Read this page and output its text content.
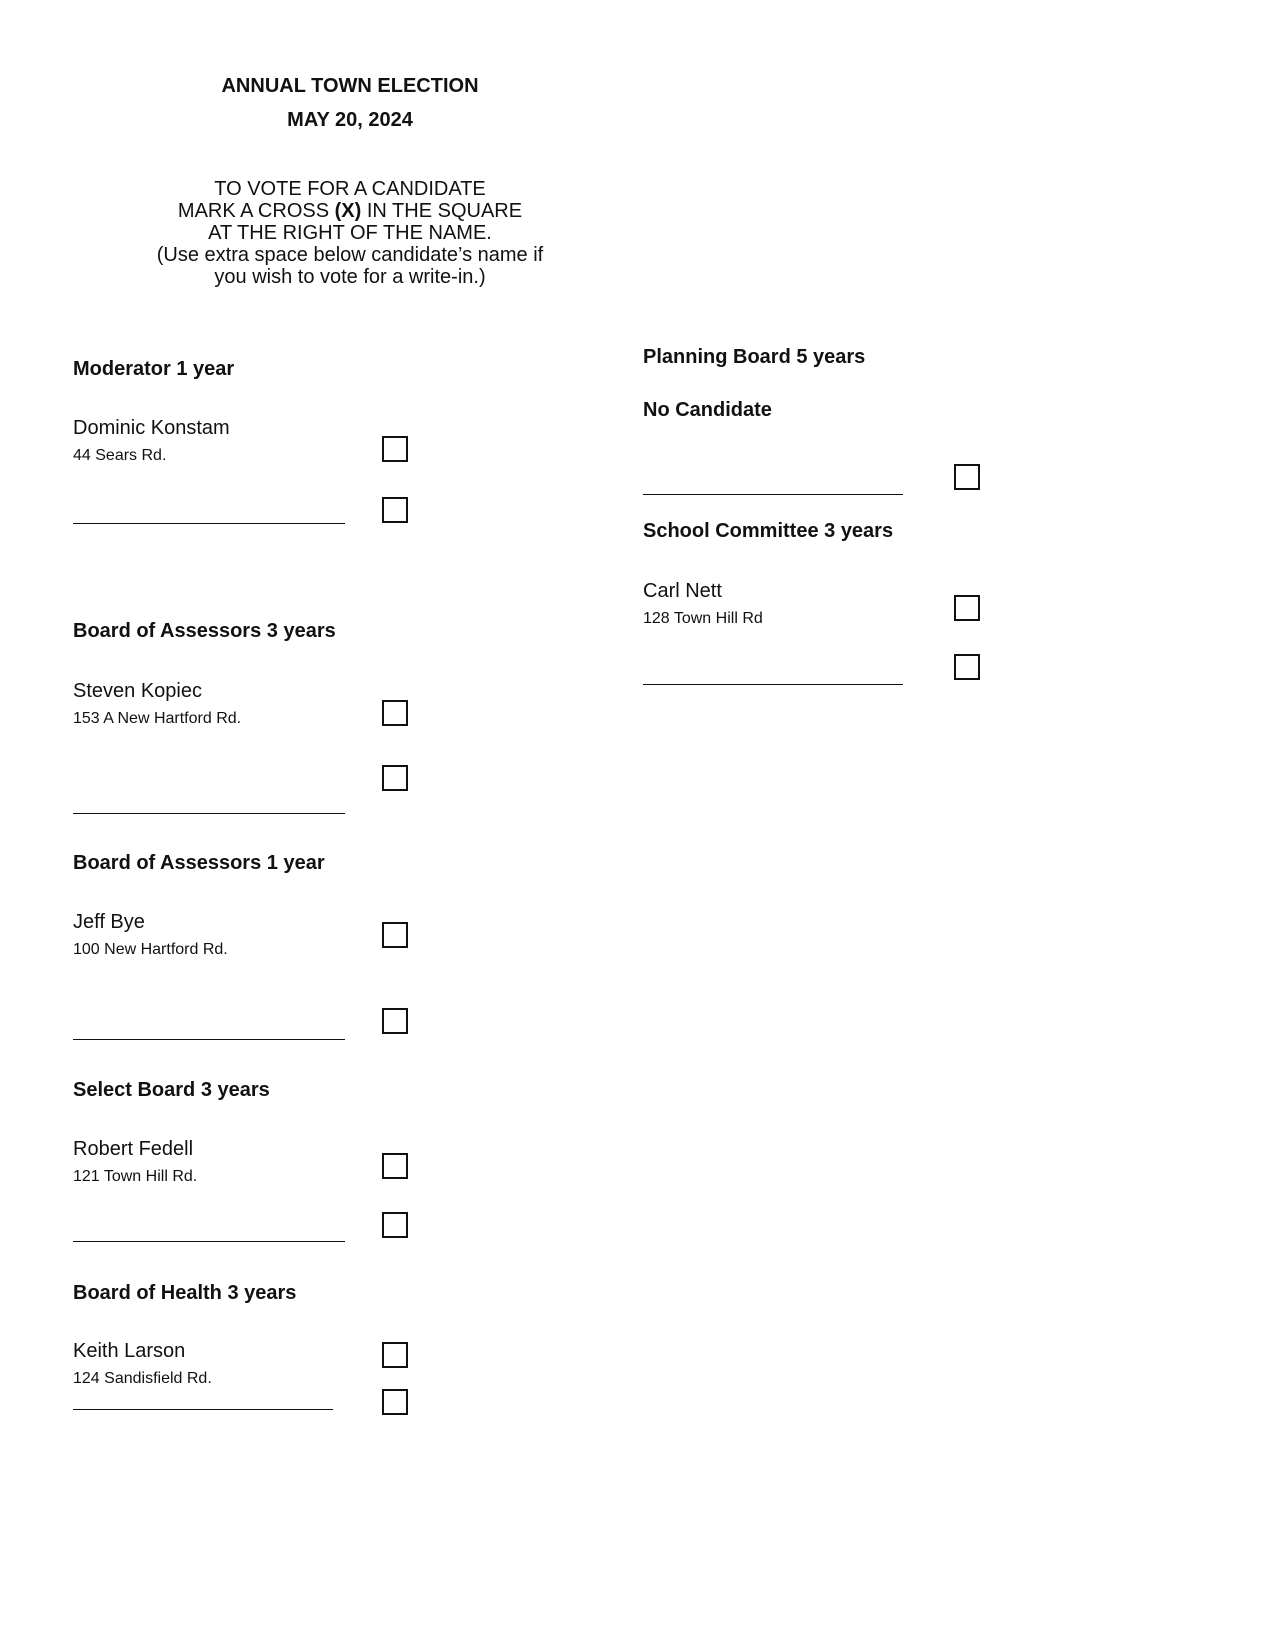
ANNUAL TOWN ELECTION
MAY 20, 2024
TO VOTE FOR A CANDIDATE
MARK A CROSS (X) IN THE SQUARE
AT THE RIGHT OF THE NAME.
(Use extra space below candidate’s name if
you wish to vote for a write-in.)
Moderator 1 year
Dominic Konstam
44 Sears Rd.
Board of Assessors 3 years
Steven Kopiec
153 A New Hartford Rd.
Board of Assessors 1 year
Jeff Bye
100 New Hartford Rd.
Select Board 3 years
Robert Fedell
121 Town Hill Rd.
Board of Health 3 years
Keith Larson
124 Sandisfield Rd.
Planning Board 5 years
No Candidate
School Committee 3 years
Carl Nett
128 Town Hill Rd
